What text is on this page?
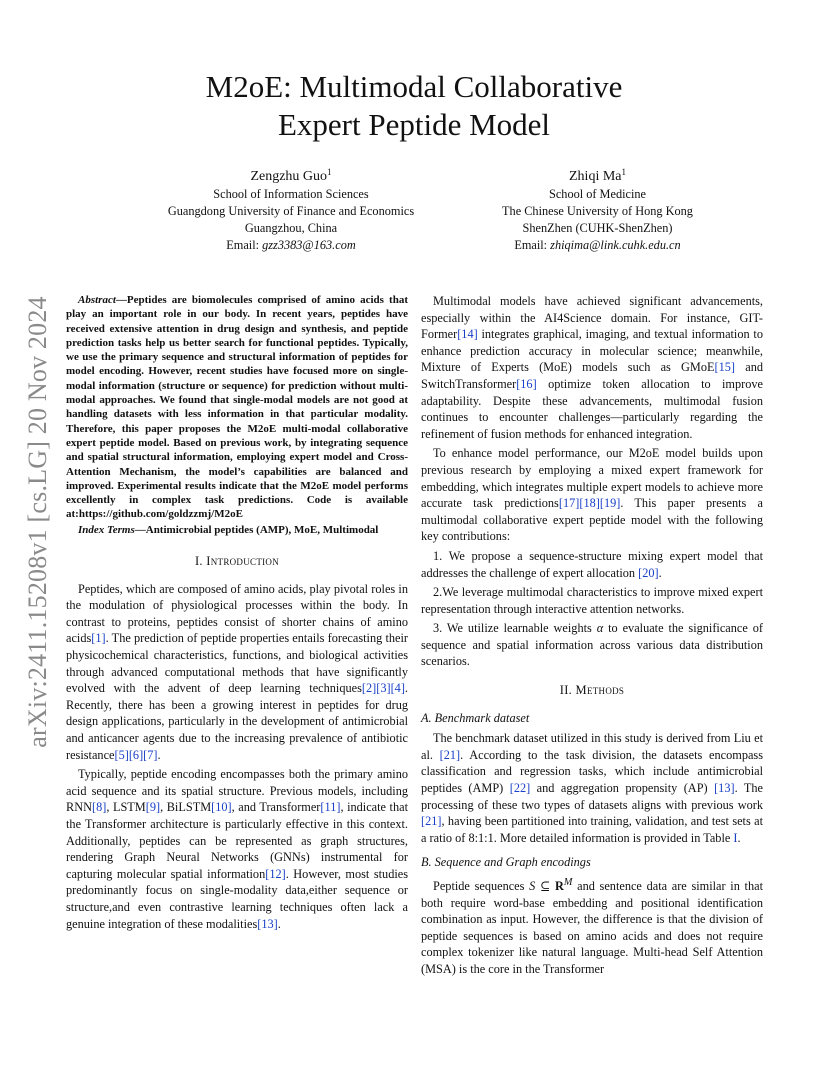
arXiv:2411.15208v1 [cs.LG] 20 Nov 2024
M2oE: Multimodal Collaborative
Expert Peptide Model
Zengzhu Guo$^1$
School of Information Sciences
Guangdong University of Finance and Economics
Guangzhou, China
Email: gzz3383@163.com
Zhiqi Ma$^1$
School of Medicine
The Chinese University of Hong Kong
ShenZhen (CUHK-ShenZhen)
Email: zhiqima@link.cuhk.edu.cn

Abstract—Peptides are biomolecules comprised of amino acids that play an important role in our body. In recent years, peptides have received extensive attention in drug design and synthesis, and peptide prediction tasks help us better search for functional peptides. Typically, we use the primary sequence and structural information of peptides for model encoding. However, recent studies have focused more on single-modal information (structure or sequence) for prediction without multi-modal approaches. We found that single-modal models are not good at handling datasets with less information in that particular modality. Therefore, this paper proposes the M2oE multi-modal collaborative expert peptide model. Based on previous work, by integrating sequence and spatial structural information, employing expert model and Cross-Attention Mechanism, the model’s capabilities are balanced and improved. Experimental results indicate that the M2oE model performs excellently in complex task predictions. Code is available at:https://github.com/goldzzmj/M2oE

Index Terms—Antimicrobial peptides (AMP), MoE, Multimodal

I. Introduction

Peptides, which are composed of amino acids, play pivotal roles in the modulation of physiological processes within the body. In contrast to proteins, peptides consist of shorter chains of amino acids[1]. The prediction of peptide properties entails forecasting their physicochemical characteristics, functions, and biological activities through advanced computational methods that have significantly evolved with the advent of deep learning techniques[2][3][4]. Recently, there has been a growing interest in peptides for drug design applications, particularly in the development of antimicrobial and anticancer agents due to the increasing prevalence of antibiotic resistance[5][6][7].

Typically, peptide encoding encompasses both the primary amino acid sequence and its spatial structure. Previous models, including RNN[8], LSTM[9], BiLSTM[10], and Transformer[11], indicate that the Transformer architecture is particularly effective in this context. Additionally, peptides can be represented as graph structures, rendering Graph Neural Networks (GNNs) instrumental for capturing molecular spatial information[12]. However, most studies predominantly focus on single-modality data,either sequence or structure,and even contrastive learning techniques often lack a genuine integration of these modalities[13].

Multimodal models have achieved significant advancements, especially within the AI4Science domain. For instance, GIT-Former[14] integrates graphical, imaging, and textual information to enhance prediction accuracy in molecular science; meanwhile, Mixture of Experts (MoE) models such as GMoE[15] and SwitchTransformer[16] optimize token allocation to improve adaptability. Despite these advancements, multimodal fusion continues to encounter challenges—particularly regarding the refinement of fusion methods for enhanced integration.

To enhance model performance, our M2oE model builds upon previous research by employing a mixed expert framework for embedding, which integrates multiple expert models to achieve more accurate task predictions[17][18][19]. This paper presents a multimodal collaborative expert peptide model with the following key contributions:

1. We propose a sequence-structure mixing expert model that addresses the challenge of expert allocation [20].

2.We leverage multimodal characteristics to improve mixed expert representation through interactive attention networks.

3. We utilize learnable weights α to evaluate the significance of sequence and spatial information across various data distribution scenarios.

II. Methods
A. Benchmark dataset

The benchmark dataset utilized in this study is derived from Liu et al. [21]. According to the task division, the datasets encompass classification and regression tasks, which include antimicrobial peptides (AMP) [22] and aggregation propensity (AP) [13]. The processing of these two types of datasets aligns with previous work [21], having been partitioned into training, validation, and test sets at a ratio of 8:1:1. More detailed information is provided in Table I.

B. Sequence and Graph encodings

Peptide sequences S ⊆ $R^M$ and sentence data are similar in that both require word-base embedding and positional identification combination as input. However, the difference is that the division of peptide sequences is based on amino acids and does not require complex tokenizer like natural language. Multi-head Self Attention (MSA) is the core in the Transformer
